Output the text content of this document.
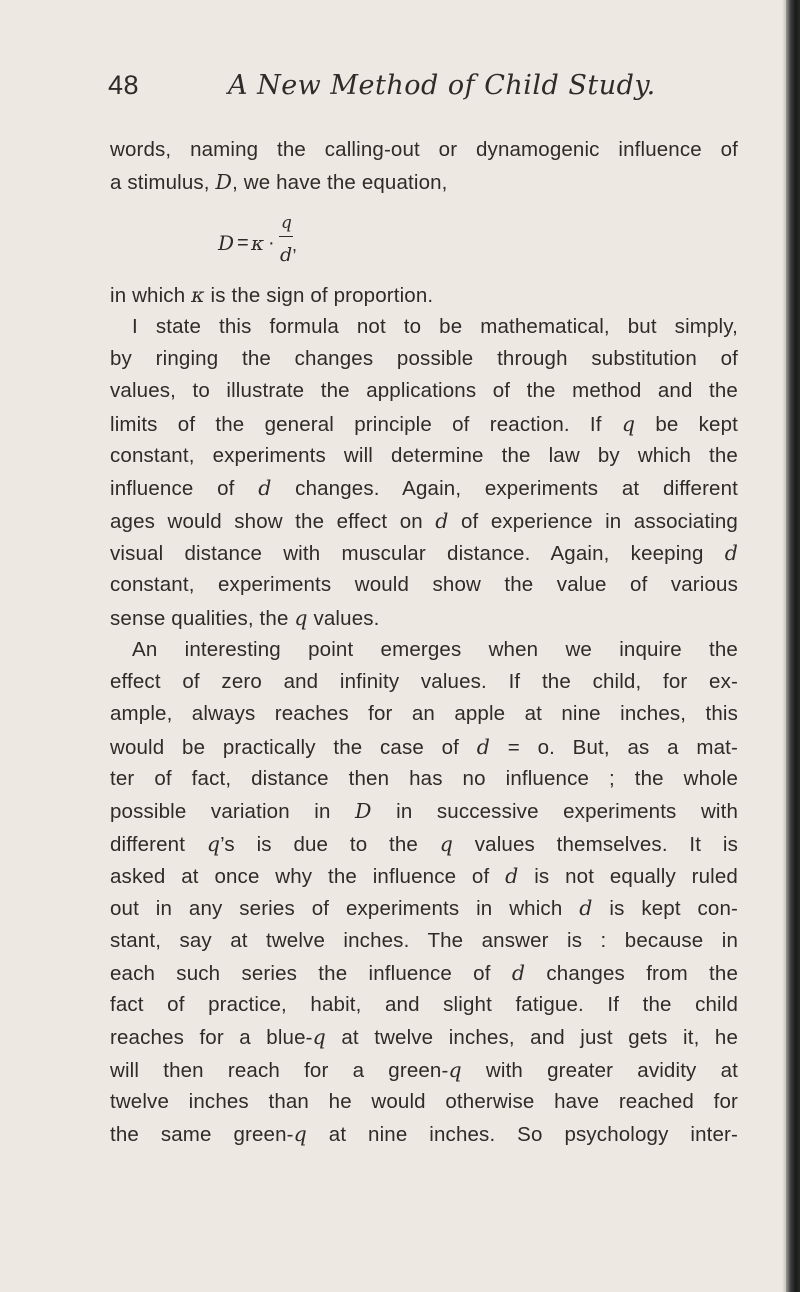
48	A New Method of Child Study.
words, naming the calling-out or dynamogenic influence of
a stimulus, D, we have the equation,
D = κ ·
q
d ,
in which κ is the sign of proportion.
I state this formula not to be mathematical, but simply,
by ringing the changes possible through substitution of
values, to illustrate the applications of the method and the
limits of the general principle of reaction. If q be kept
constant, experiments will determine the law by which the
influence of d changes. Again, experiments at different
ages would show the effect on d of experience in associating
visual distance with muscular distance. Again, keeping d
constant, experiments would show the value of various
sense qualities, the q values.
An interesting point emerges when we inquire the
effect of zero and infinity values. If the child, for ex-
ample, always reaches for an apple at nine inches, this
would be practically the case of d = o. But, as a mat-
ter of fact, distance then has no influence ; the whole
possible variation in D in successive experiments with
different q’s is due to the q values themselves. It is
asked at once why the influence of d is not equally ruled
out in any series of experiments in which d is kept con-
stant, say at twelve inches. The answer is : because in
each such series the influence of d changes from the
fact of practice, habit, and slight fatigue. If the child
reaches for a blue-q at twelve inches, and just gets it, he
will then reach for a green-q with greater avidity at
twelve inches than he would otherwise have reached for
the same green-q at nine inches. So psychology inter-
